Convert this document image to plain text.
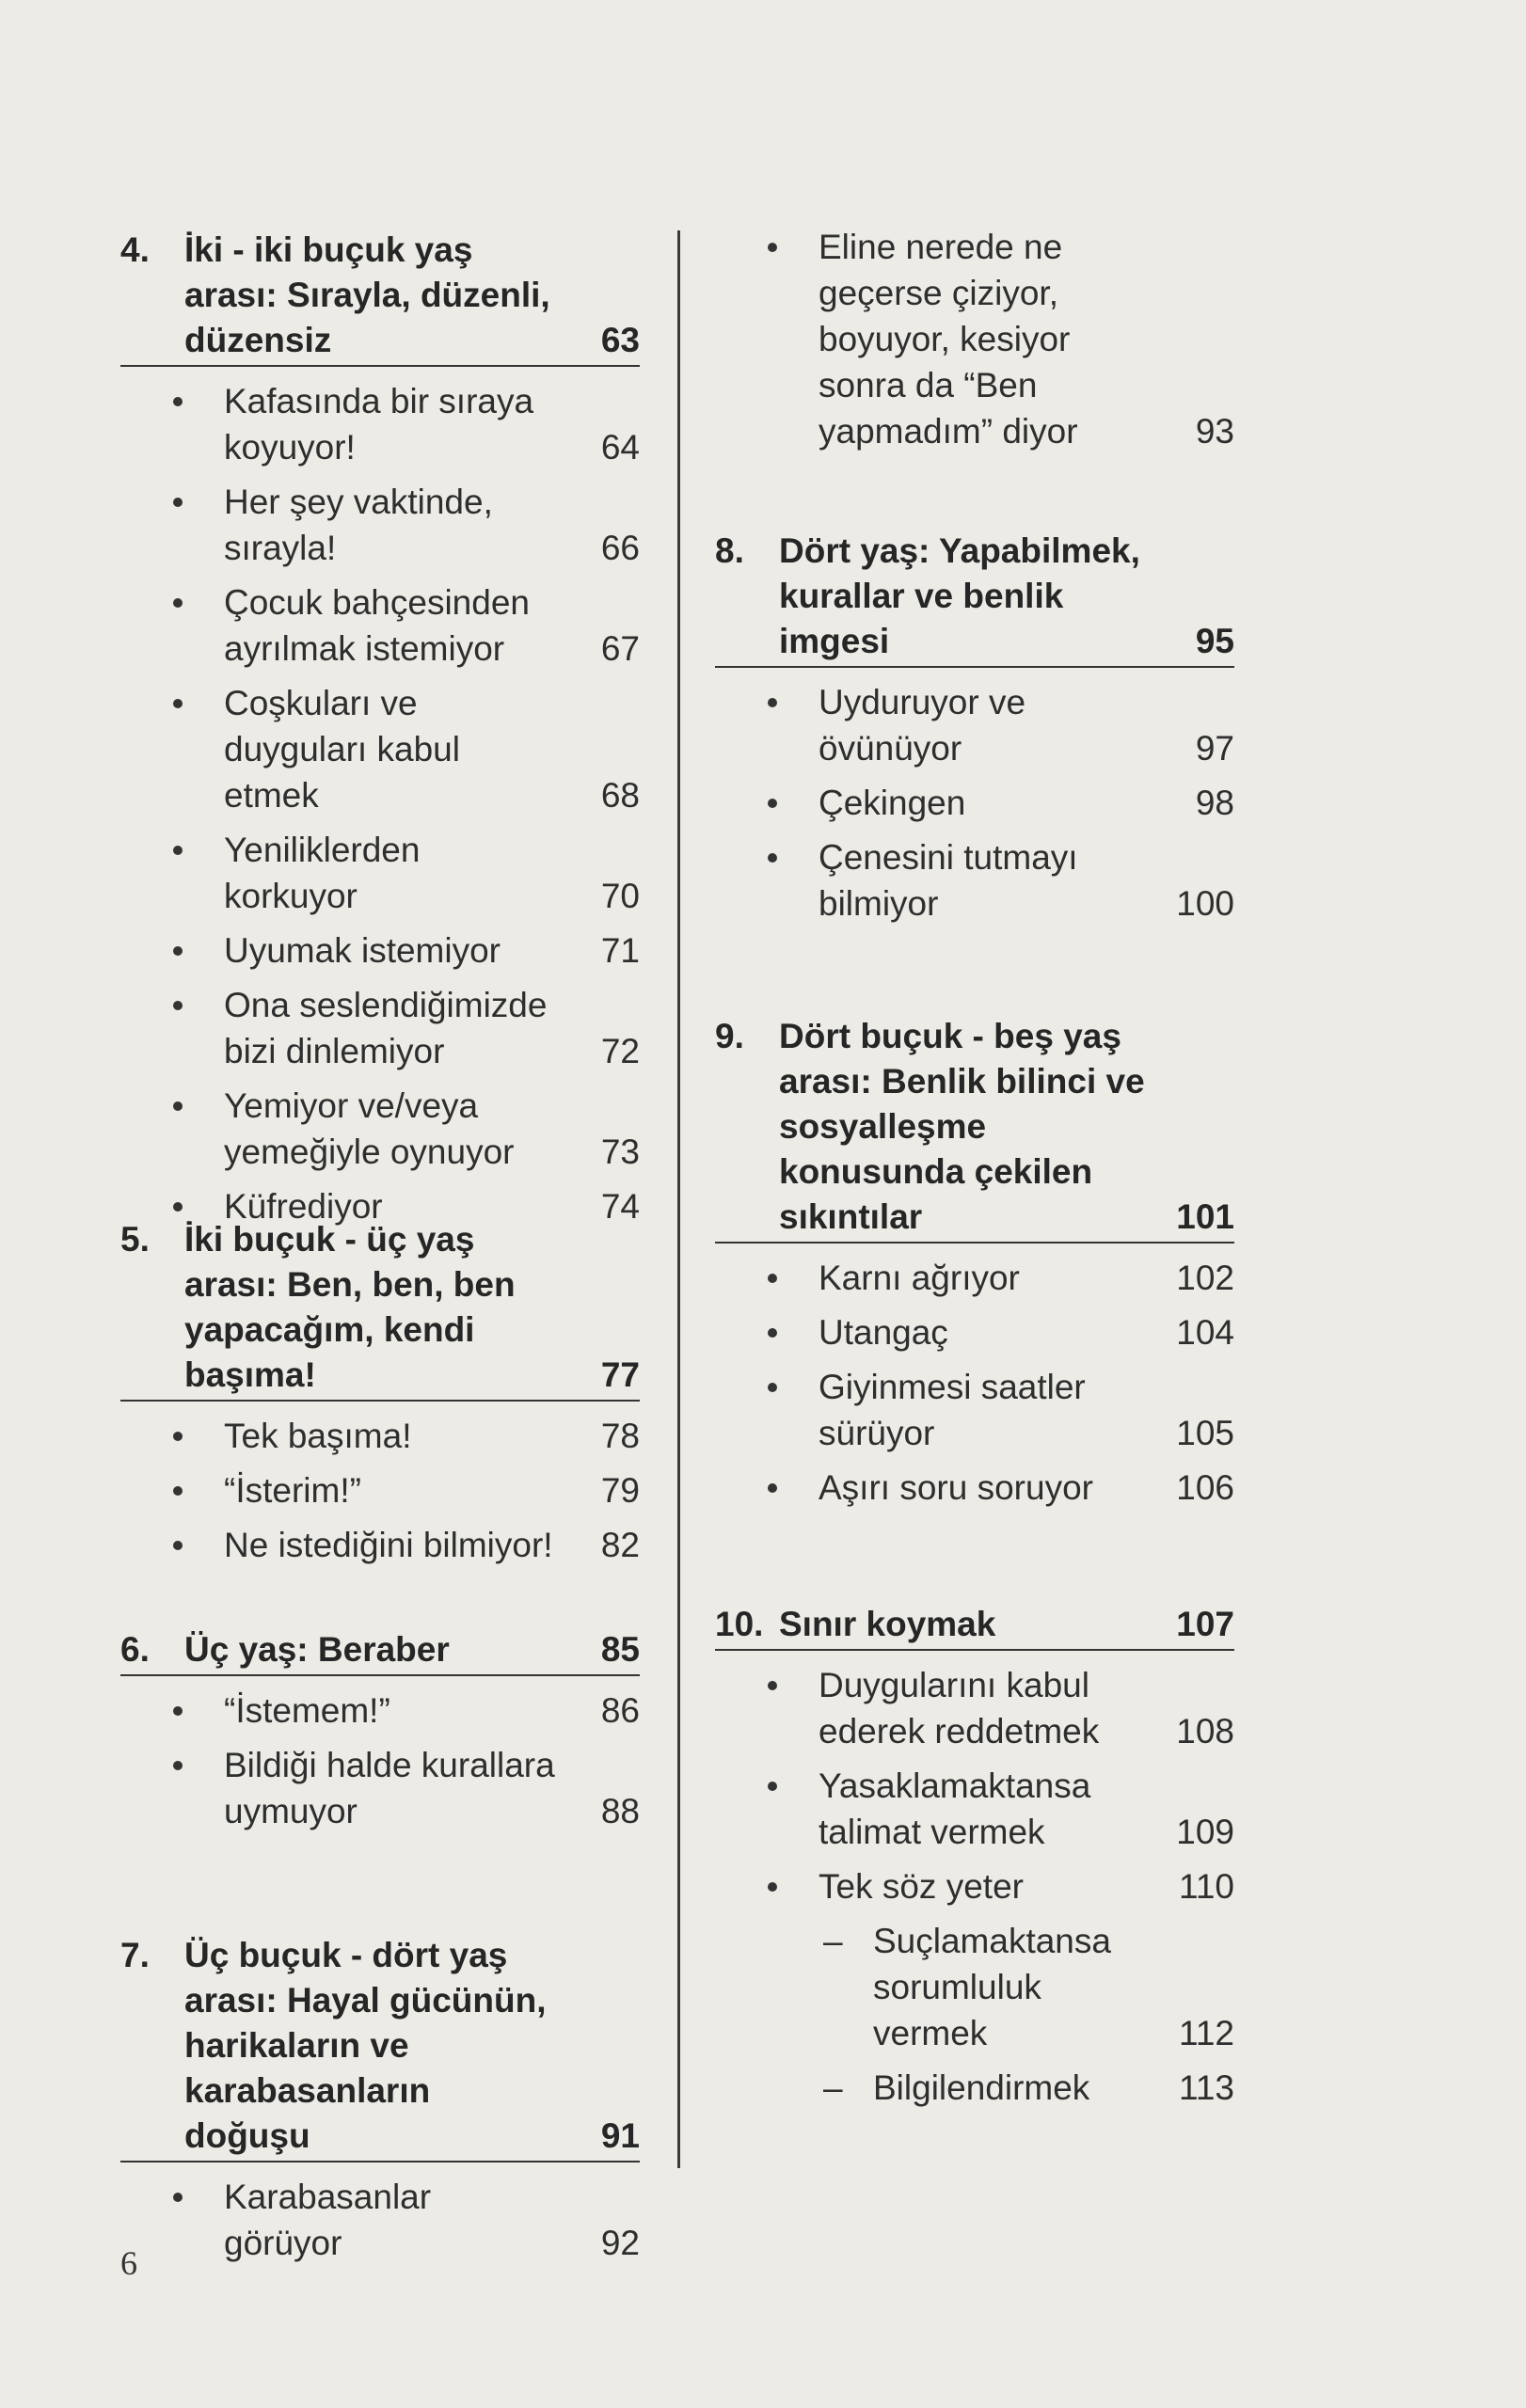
4.	İki - iki buçuk yaş arası: Sırayla, düzenli, düzensiz	63
Kafasında bir sıraya koyuyor!	64
Her şey vaktinde, sırayla!	66
Çocuk bahçesinden ayrılmak istemiyor	67
Coşkuları ve duyguları kabul etmek	68
Yeniliklerden korkuyor	70
Uyumak istemiyor	71
Ona seslendiğimizde bizi dinlemiyor	72
Yemiyor ve/veya yemeğiyle oynuyor	73
Küfrediyor	74
5.	İki buçuk - üç yaş arası: Ben, ben, ben yapacağım, kendi başıma!	77
Tek başıma!	78
“İsterim!”	79
Ne istediğini bilmiyor!	82
6.	Üç yaş: Beraber	85
“İstemem!”	86
Bildiği halde kurallara uymuyor	88
7.	Üç buçuk - dört yaş arası: Hayal gücünün, harikaların ve karabasanların doğuşu	91
Karabasanlar görüyor	92
Eline nerede ne geçerse çiziyor, boyuyor, kesiyor sonra da “Ben yapmadım” diyor	93
8.	Dört yaş: Yapabilmek, kurallar ve benlik imgesi	95
Uyduruyor ve övünüyor	97
Çekingen	98
Çenesini tutmayı bilmiyor	100
9.	Dört buçuk - beş yaş arası: Benlik bilinci ve sosyalleşme konusunda çekilen sıkıntılar	101
Karnı ağrıyor	102
Utangaç	104
Giyinmesi saatler sürüyor	105
Aşırı soru soruyor	106
10. Sınır koymak	107
Duygularını kabul ederek reddetmek	108
Yasaklamaktansa talimat vermek	109
Tek söz yeter	110
– Suçlamaktansa sorumluluk vermek	112
– Bilgilendirmek	113
6
